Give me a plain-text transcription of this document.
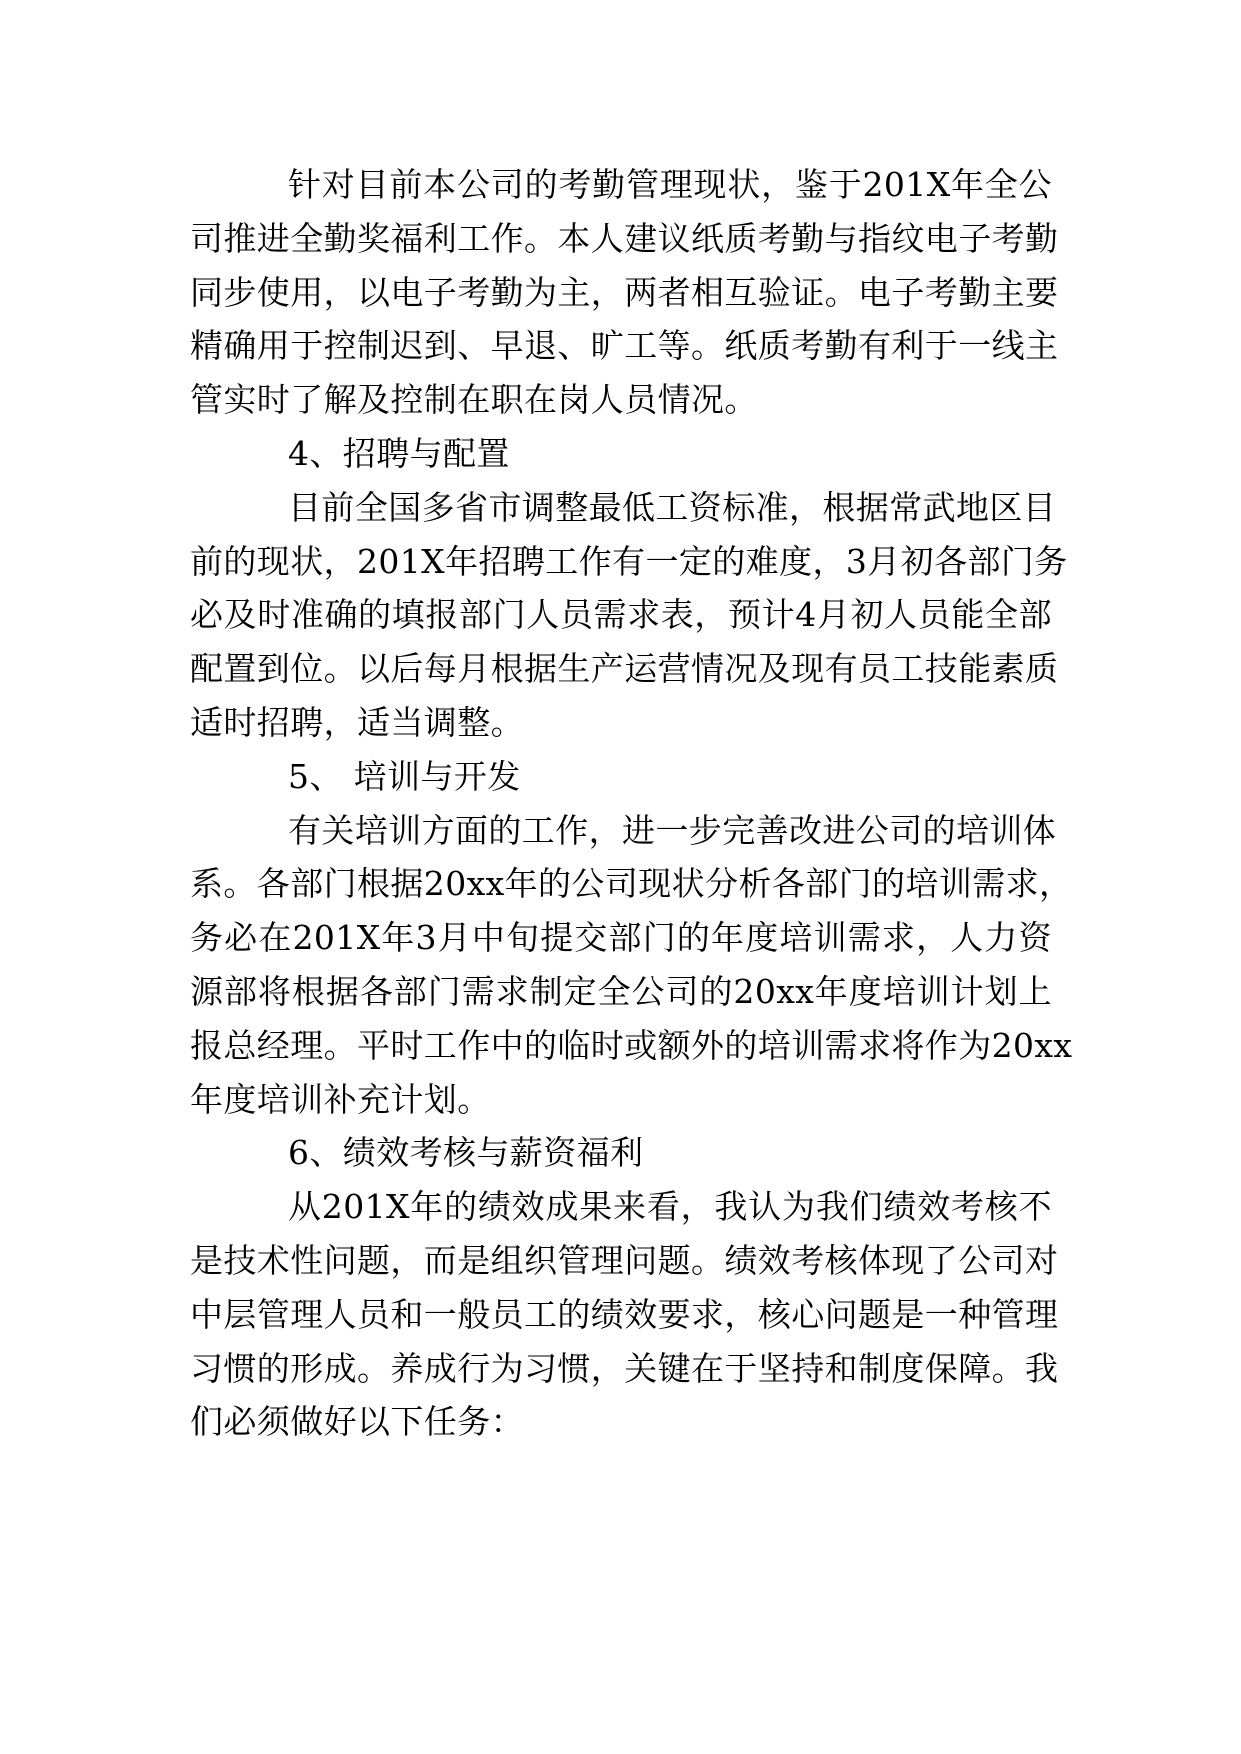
针对目前本公司的考勤管理现状，鉴于201X年全公
司推进全勤奖福利工作。本人建议纸质考勤与指纹电子考勤
同步使用，以电子考勤为主，两者相互验证。电子考勤主要
精确用于控制迟到、早退、旷工等。纸质考勤有利于一线主
管实时了解及控制在职在岗人员情况。
4、招聘与配置
目前全国多省市调整最低工资标准，根据常武地区目
前的现状，201X年招聘工作有一定的难度，3月初各部门务
必及时准确的填报部门人员需求表，预计4月初人员能全部
配置到位。以后每月根据生产运营情况及现有员工技能素质
适时招聘，适当调整。
5、 培训与开发
有关培训方面的工作，进一步完善改进公司的培训体
系。各部门根据20xx年的公司现状分析各部门的培训需求，
务必在201X年3月中旬提交部门的年度培训需求，人力资
源部将根据各部门需求制定全公司的20xx年度培训计划上
报总经理。平时工作中的临时或额外的培训需求将作为20xx
年度培训补充计划。
6、绩效考核与薪资福利
从201X年的绩效成果来看，我认为我们绩效考核不
是技术性问题，而是组织管理问题。绩效考核体现了公司对
中层管理人员和一般员工的绩效要求，核心问题是一种管理
习惯的形成。养成行为习惯，关键在于坚持和制度保障。我
们必须做好以下任务：
